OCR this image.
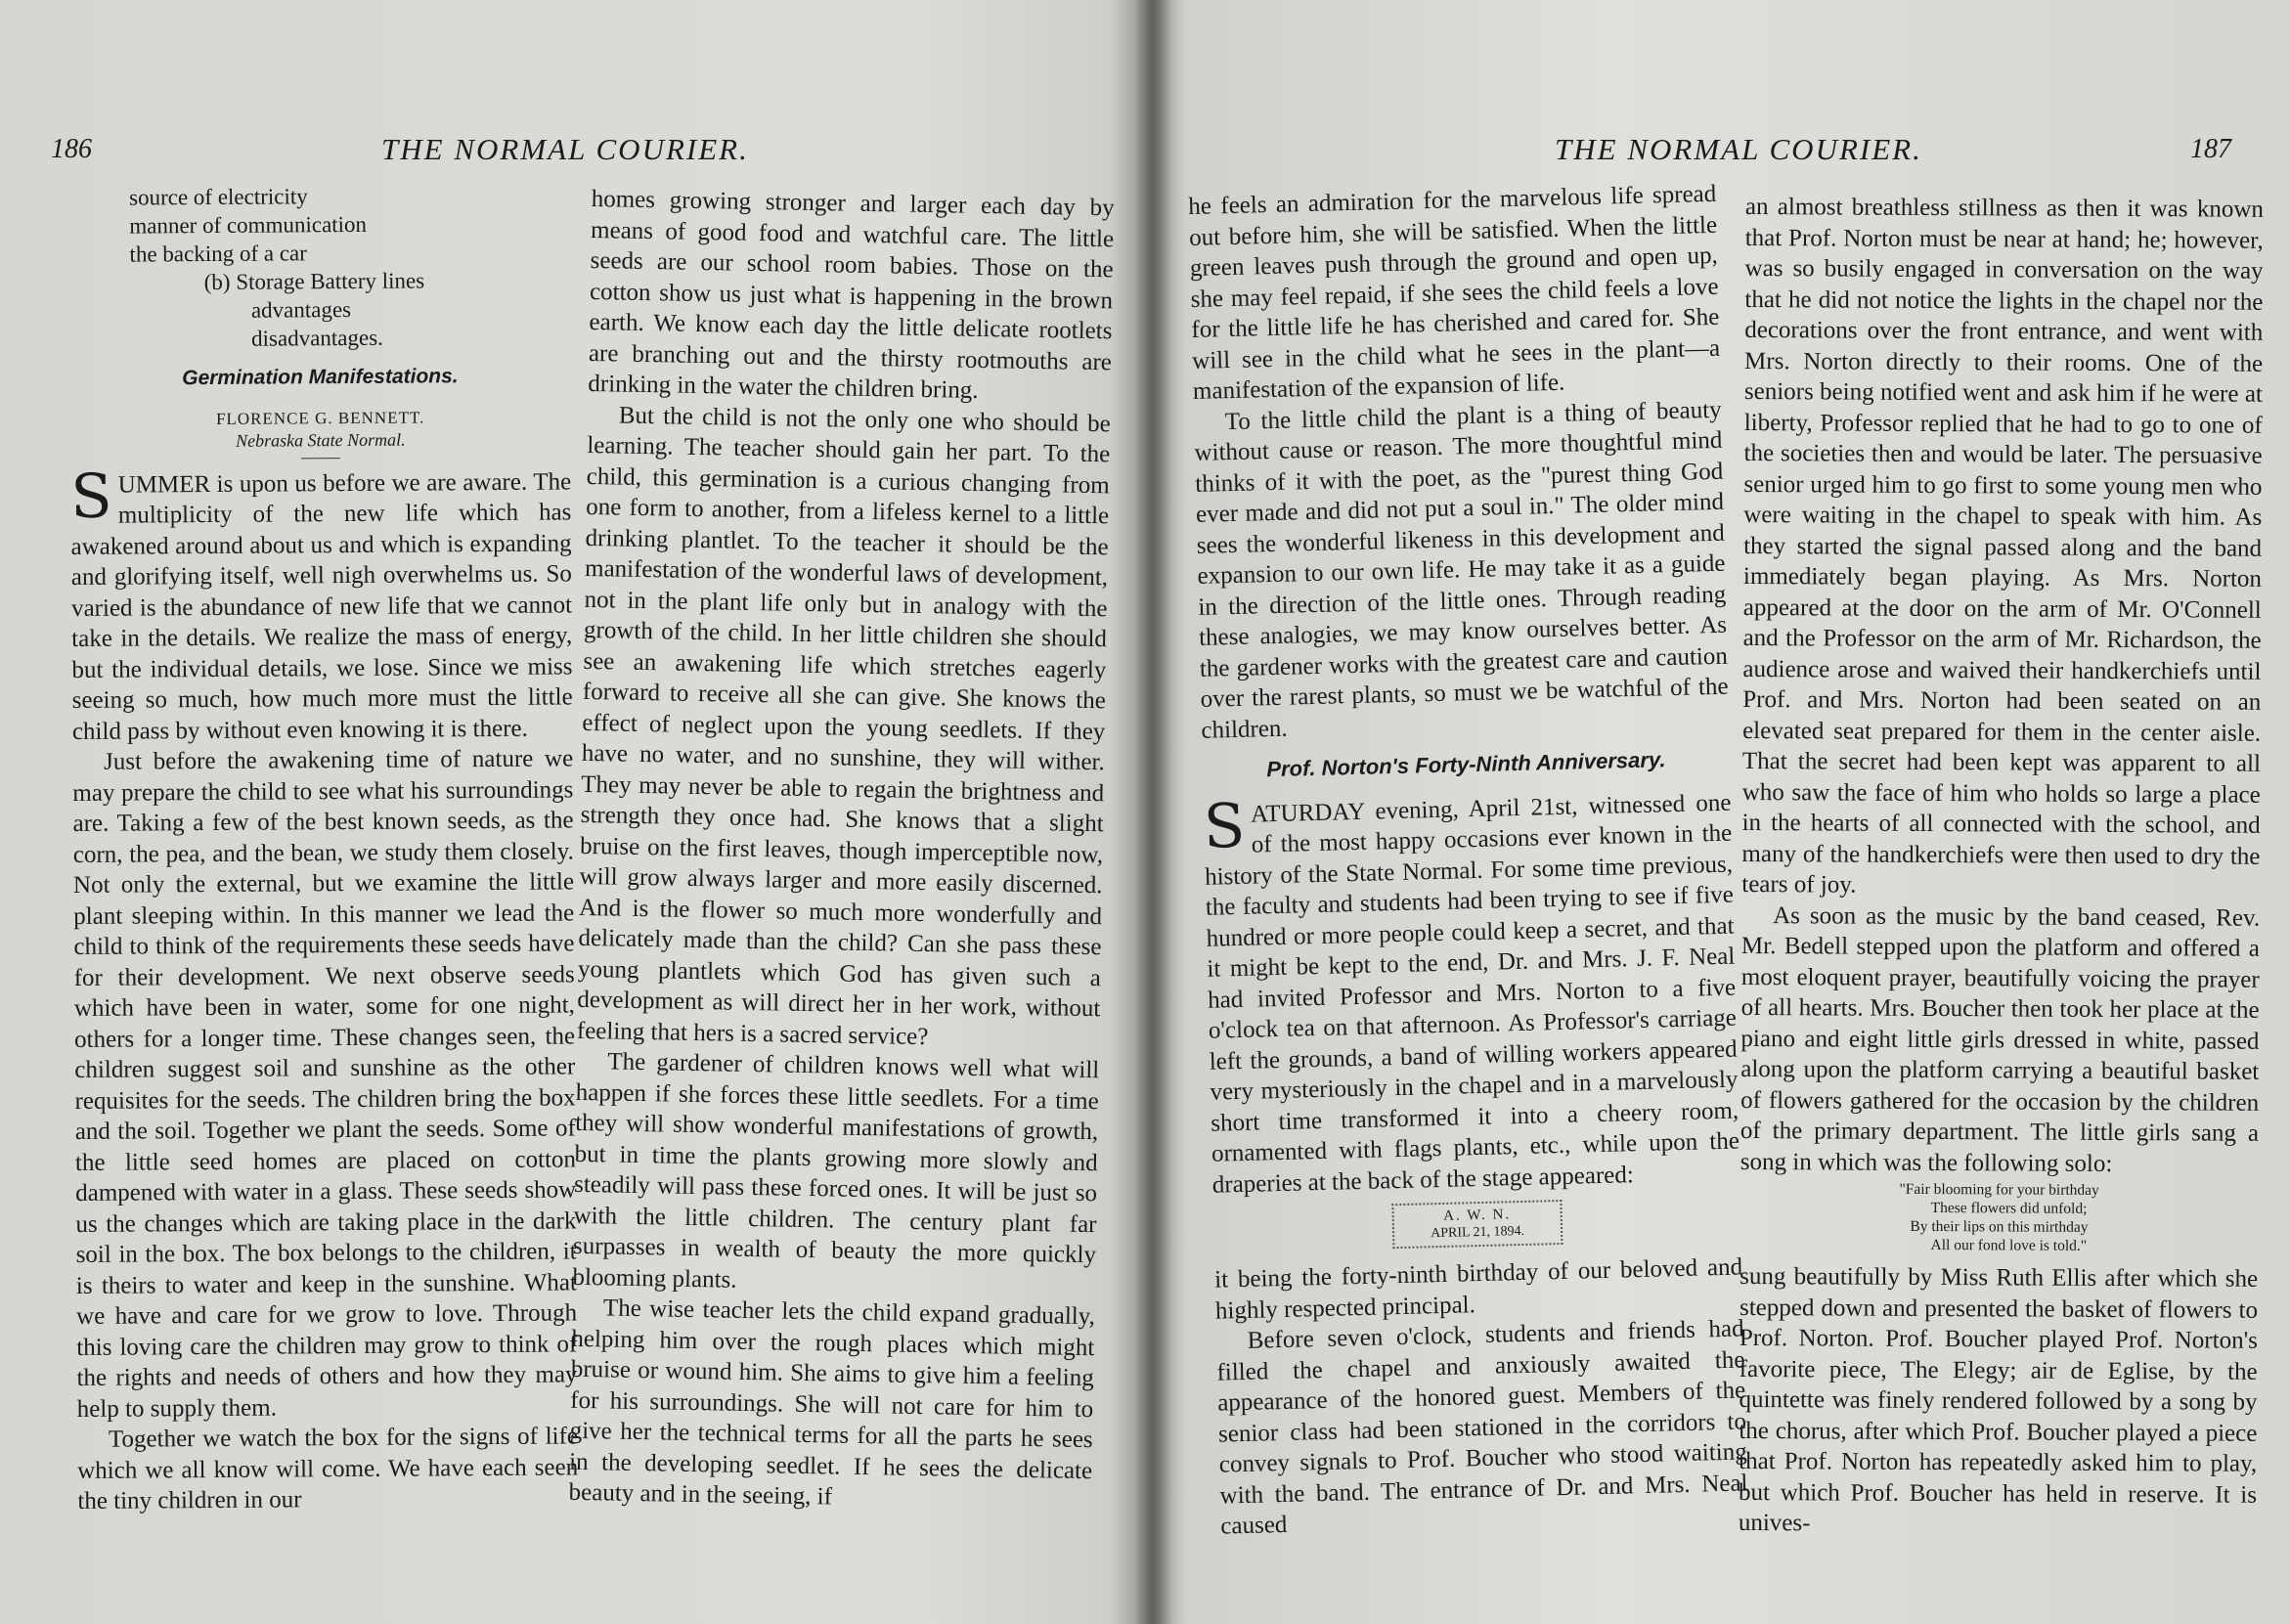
186	THE NORMAL COURIER.
source of electricity
manner of communication
the backing of a car
(b) Storage Battery lines
advantages
disadvantages.
Germination Manifestations.
FLORENCE G. BENNETT.
Nebraska State Normal.

SUMMER is upon us before we are aware. The multiplicity of the new life which has awakened around about us and which is expanding and glorifying itself, well nigh overwhelms us. So varied is the abundance of new life that we cannot take in the details. We realize the mass of energy, but the individual details, we lose. Since we miss seeing so much, how much more must the little child pass by without even knowing it is there.

Just before the awakening time of nature we may prepare the child to see what his surroundings are. Taking a few of the best known seeds, as the corn, the pea, and the bean, we study them closely. Not only the external, but we examine the little plant sleeping within. In this manner we lead the child to think of the requirements these seeds have for their development. We next observe seeds which have been in water, some for one night, others for a longer time. These changes seen, the children suggest soil and sunshine as the other requisites for the seeds. The children bring the box and the soil. Together we plant the seeds. Some of the little seed homes are placed on cotton dampened with water in a glass. These seeds show us the changes which are taking place in the dark soil in the box. The box belongs to the children, it is theirs to water and keep in the sunshine. What we have and care for we grow to love. Through this loving care the children may grow to think of the rights and needs of others and how they may help to supply them.

Together we watch the box for the signs of life which we all know will come. We have each seen the tiny children in our

homes growing stronger and larger each day by means of good food and watchful care. The little seeds are our school room babies. Those on the cotton show us just what is happening in the brown earth. We know each day the little delicate rootlets are branching out and the thirsty rootmouths are drinking in the water the children bring.

But the child is not the only one who should be learning. The teacher should gain her part. To the child, this germination is a curious changing from one form to another, from a lifeless kernel to a little drinking plantlet. To the teacher it should be the manifestation of the wonderful laws of development, not in the plant life only but in analogy with the growth of the child. In her little children she should see an awakening life which stretches eagerly forward to receive all she can give. She knows the effect of neglect upon the young seedlets. If they have no water, and no sunshine, they will wither. They may never be able to regain the brightness and strength they once had. She knows that a slight bruise on the first leaves, though imperceptible now, will grow always larger and more easily discerned. And is the flower so much more wonderfully and delicately made than the child? Can she pass these young plantlets which God has given such a development as will direct her in her work, without feeling that hers is a sacred service?

The gardener of children knows well what will happen if she forces these little seedlets. For a time they will show wonderful manifestations of growth, but in time the plants growing more slowly and steadily will pass these forced ones. It will be just so with the little children. The century plant far surpasses in wealth of beauty the more quickly blooming plants.

The wise teacher lets the child expand gradually, helping him over the rough places which might bruise or wound him. She aims to give him a feeling for his surroundings. She will not care for him to give her the technical terms for all the parts he sees in the developing seedlet. If he sees the delicate beauty and in the seeing, if

THE NORMAL COURIER.	187

he feels an admiration for the marvelous life spread out before him, she will be satisfied. When the little green leaves push through the ground and open up, she may feel repaid, if she sees the child feels a love for the little life he has cherished and cared for. She will see in the child what he sees in the plant—a manifestation of the expansion of life.

To the little child the plant is a thing of beauty without cause or reason. The more thoughtful mind thinks of it with the poet, as the "purest thing God ever made and did not put a soul in." The older mind sees the wonderful likeness in this development and expansion to our own life. He may take it as a guide in the direction of the little ones. Through reading these analogies, we may know ourselves better. As the gardener works with the greatest care and caution over the rarest plants, so must we be watchful of the children.

Prof. Norton's Forty-Ninth Anniversary.

SATURDAY evening, April 21st, witnessed one of the most happy occasions ever known in the history of the State Normal. For some time previous, the faculty and students had been trying to see if five hundred or more people could keep a secret, and that it might be kept to the end, Dr. and Mrs. J. F. Neal had invited Professor and Mrs. Norton to a five o'clock tea on that afternoon. As Professor's carriage left the grounds, a band of willing workers appeared very mysteriously in the chapel and in a marvelously short time transformed it into a cheery room, ornamented with flags plants, etc., while upon the draperies at the back of the stage appeared:

A. W. N.
APRIL 21, 1894.

it being the forty-ninth birthday of our beloved and highly respected principal.

Before seven o'clock, students and friends had filled the chapel and anxiously awaited the appearance of the honored guest. Members of the senior class had been stationed in the corridors to convey signals to Prof. Boucher who stood waiting with the band. The entrance of Dr. and Mrs. Neal caused

an almost breathless stillness as then it was known that Prof. Norton must be near at hand; he; however, was so busily engaged in conversation on the way that he did not notice the lights in the chapel nor the decorations over the front entrance, and went with Mrs. Norton directly to their rooms. One of the seniors being notified went and ask him if he were at liberty, Professor replied that he had to go to one of the societies then and would be later. The persuasive senior urged him to go first to some young men who were waiting in the chapel to speak with him. As they started the signal passed along and the band immediately began playing. As Mrs. Norton appeared at the door on the arm of Mr. O'Connell and the Professor on the arm of Mr. Richardson, the audience arose and waived their handkerchiefs until Prof. and Mrs. Norton had been seated on an elevated seat prepared for them in the center aisle. That the secret had been kept was apparent to all who saw the face of him who holds so large a place in the hearts of all connected with the school, and many of the handkerchiefs were then used to dry the tears of joy.

As soon as the music by the band ceased, Rev. Mr. Bedell stepped upon the platform and offered a most eloquent prayer, beautifully voicing the prayer of all hearts. Mrs. Boucher then took her place at the piano and eight little girls dressed in white, passed along upon the platform carrying a beautiful basket of flowers gathered for the occasion by the children of the primary department. The little girls sang a song in which was the following solo:

"Fair blooming for your birthday
These flowers did unfold;
By their lips on this mirthday
All our fond love is told."

sung beautifully by Miss Ruth Ellis after which she stepped down and presented the basket of flowers to Prof. Norton. Prof. Boucher played Prof. Norton's favorite piece, The Elegy; air de Eglise, by the quintette was finely rendered followed by a song by the chorus, after which Prof. Boucher played a piece that Prof. Norton has repeatedly asked him to play, but which Prof. Boucher has held in reserve. It is unives-
